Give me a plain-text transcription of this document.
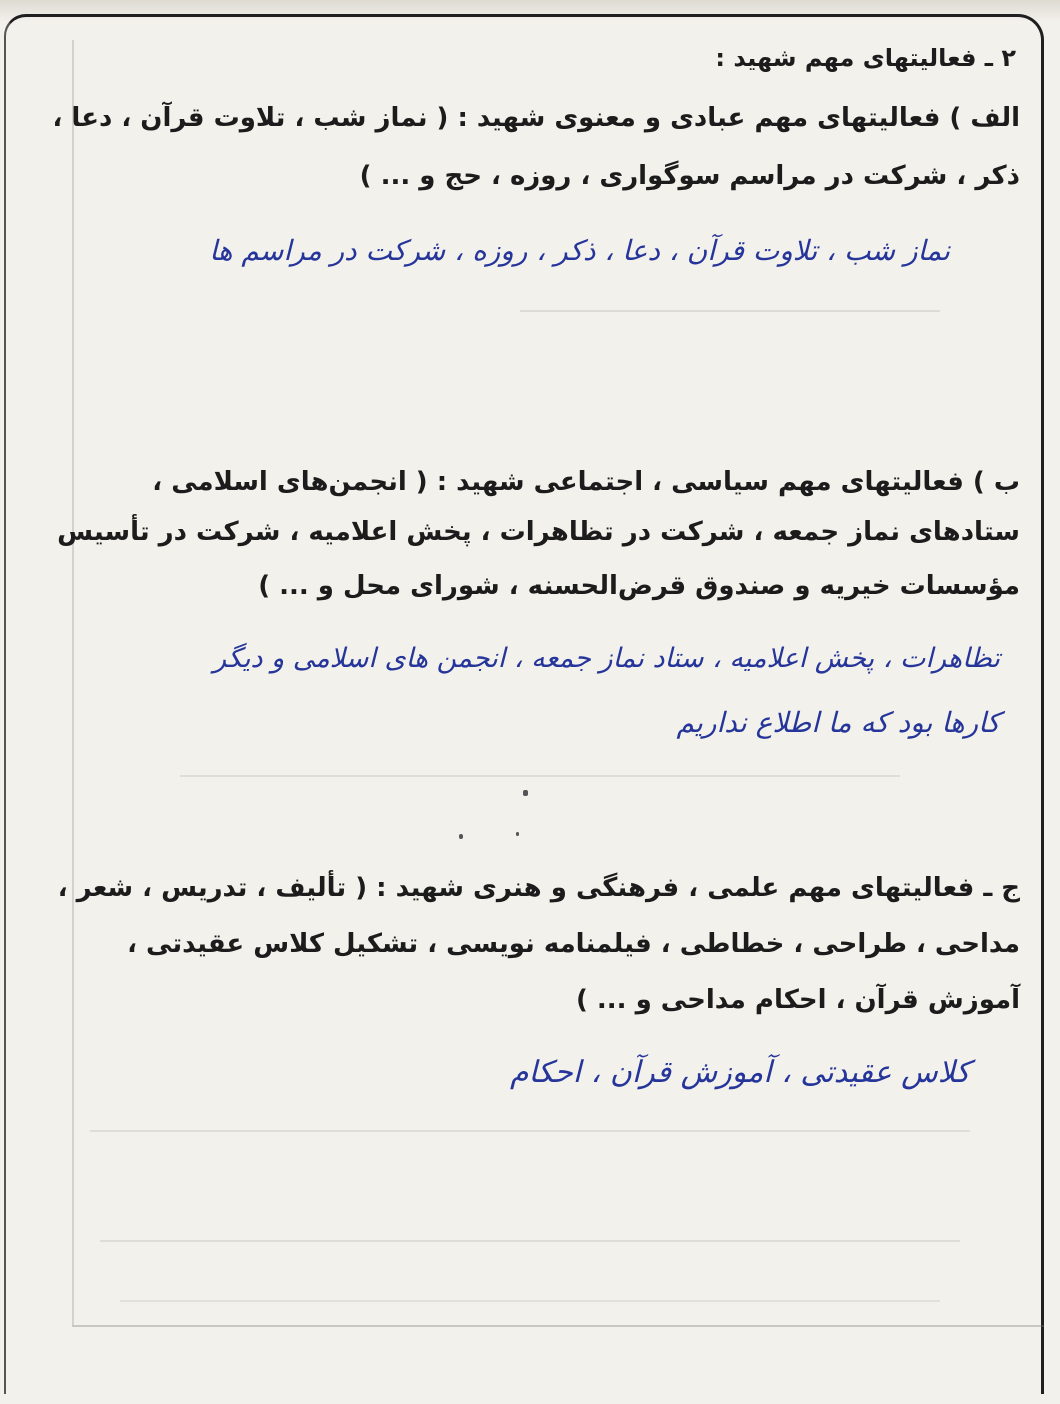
۲ ـ فعالیتهای مهم شهید :

الف ) فعالیتهای مهم عبادی و معنوی شهید : ( نماز شب ، تلاوت قرآن ، دعا ،

ذکر ، شرکت در مراسم سوگواری ، روزه ، حج و ... )

نماز شب ، تلاوت قرآن ، دعا ، ذکر ، روزه ، شرکت در مراسم ها

ب ) فعالیتهای مهم سیاسی ، اجتماعی شهید : ( انجمن‌های اسلامی ،

ستادهای نماز جمعه ، شرکت در تظاهرات ، پخش اعلامیه ، شرکت در تأسیس

مؤسسات خیریه و صندوق قرض‌الحسنه ، شورای محل و ... )

تظاهرات ، پخش اعلامیه ، ستاد نماز جمعه ، انجمن های اسلامی و دیگر

کارها بود که ما اطلاع نداریم

ج ـ فعالیتهای مهم علمی ، فرهنگی و هنری شهید : ( تألیف ، تدریس ، شعر ،

مداحی ، طراحی ، خطاطی ، فیلمنامه نویسی ، تشکیل کلاس عقیدتی ،

آموزش قرآن ، احکام مداحی و ... )

کلاس عقیدتی ، آموزش قرآن ، احکام
